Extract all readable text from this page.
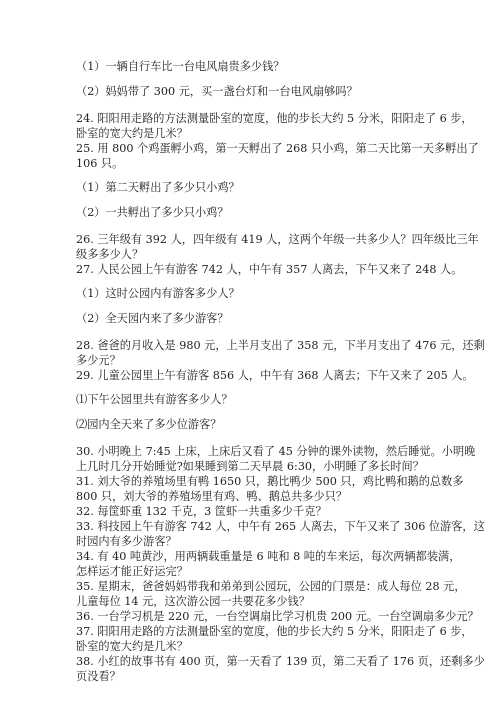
（1）一辆自行车比一台电风扇贵多少钱？
（2）妈妈带了 300 元，买一盏台灯和一台电风扇够吗？
24. 阳阳用走路的方法测量卧室的宽度，他的步长大约 5 分米，阳阳走了 6 步，
卧室的宽大约是几米？
25. 用 800 个鸡蛋孵小鸡，第一天孵出了 268 只小鸡，第二天比第一天多孵出了
106 只。
（1）第二天孵出了多少只小鸡？
（2）一共孵出了多少只小鸡？
26. 三年级有 392 人，四年级有 419 人，这两个年级一共多少人？四年级比三年
级多多少人？
27. 人民公园上午有游客 742 人，中午有 357 人离去，下午又来了 248 人。
（1）这时公园内有游客多少人？
（2）全天园内来了多少游客？
28. 爸爸的月收入是 980 元，上半月支出了 358 元，下半月支出了 476 元，还剩
多少元？
29. 儿童公园里上午有游客 856 人，中午有 368 人离去；下午又来了 205 人。
⑴下午公园里共有游客多少人？
⑵园内全天来了多少位游客？
30. 小明晚上 7:45 上床，上床后又看了 45 分钟的课外读物，然后睡觉。小明晚
上几时几分开始睡觉?如果睡到第二天早晨 6:30，小明睡了多长时间？
31. 刘大爷的养殖场里有鸭 1650 只，鹅比鸭少 500 只，鸡比鸭和鹅的总数多
800 只，刘大爷的养殖场里有鸡、鸭、鹅总共多少只？
32. 每筐虾重 132 千克，3 筐虾一共重多少千克？
33. 科技园上午有游客 742 人，中午有 265 人离去，下午又来了 306 位游客，这
时园内有多少游客？
34. 有 40 吨黄沙，用两辆载重量是 6 吨和 8 吨的车来运，每次两辆都装满，
怎样运才能正好运完？
35. 星期末，爸爸妈妈带我和弟弟到公园玩，公园的门票是：成人每位 28 元，
儿童每位 14 元，这次游公园一共要花多少钱？
36. 一台学习机是 220 元，一台空调扇比学习机贵 200 元。一台空调扇多少元？
37. 阳阳用走路的方法测量卧室的宽度，他的步长大约 5 分米，阳阳走了 6 步，
卧室的宽大约是几米？
38. 小红的故事书有 400 页，第一天看了 139 页，第二天看了 176 页，还剩多少
页没看？
